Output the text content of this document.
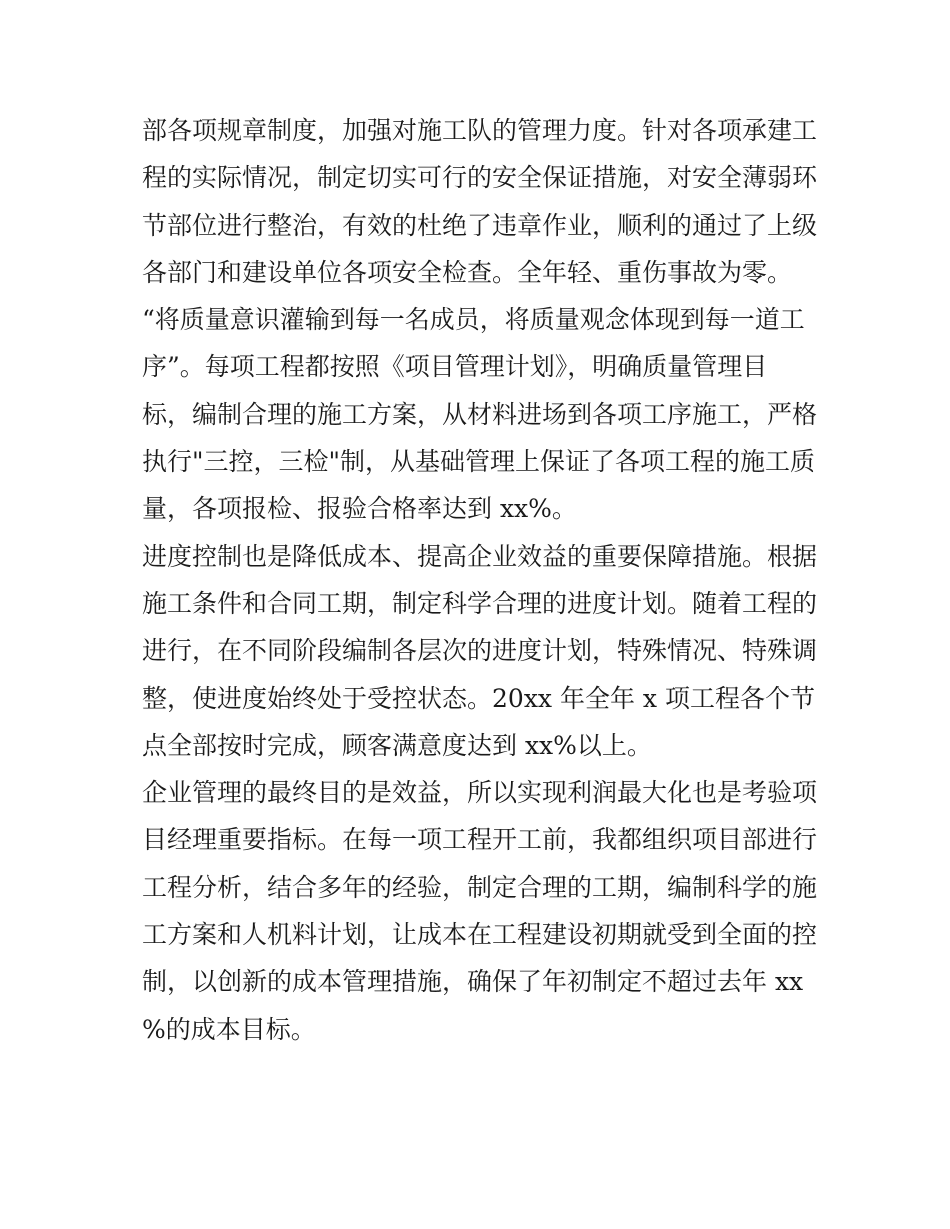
部各项规章制度，加强对施工队的管理力度。针对各项承建工
程的实际情况，制定切实可行的安全保证措施，对安全薄弱环
节部位进行整治，有效的杜绝了违章作业，顺利的通过了上级
各部门和建设单位各项安全检查。全年轻、重伤事故为零。
“将质量意识灌输到每一名成员，将质量观念体现到每一道工
序”。每项工程都按照《项目管理计划》，明确质量管理目
标，编制合理的施工方案，从材料进场到各项工序施工，严格
执行"三控，三检"制，从基础管理上保证了各项工程的施工质
量，各项报检、报验合格率达到 xx%。
进度控制也是降低成本、提高企业效益的重要保障措施。根据
施工条件和合同工期，制定科学合理的进度计划。随着工程的
进行，在不同阶段编制各层次的进度计划，特殊情况、特殊调
整，使进度始终处于受控状态。20xx 年全年 x 项工程各个节
点全部按时完成，顾客满意度达到 xx%以上。
企业管理的最终目的是效益，所以实现利润最大化也是考验项
目经理重要指标。在每一项工程开工前，我都组织项目部进行
工程分析，结合多年的经验，制定合理的工期，编制科学的施
工方案和人机料计划，让成本在工程建设初期就受到全面的控
制，以创新的成本管理措施，确保了年初制定不超过去年 xx
%的成本目标。
